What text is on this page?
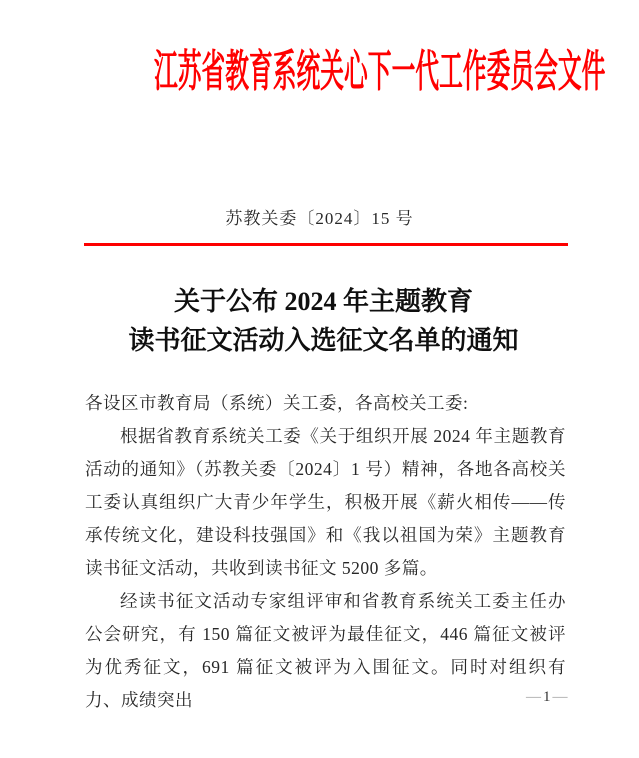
江苏省教育系统关心下一代工作委员会文件
苏教关委〔2024〕15 号
关于公布 2024 年主题教育
读书征文活动入选征文名单的通知

各设区市教育局（系统）关工委，各高校关工委:

根据省教育系统关工委《关于组织开展 2024 年主题教育活动的通知》（苏教关委〔2024〕1 号）精神，各地各高校关工委认真组织广大青少年学生，积极开展《薪火相传——传承传统文化，建设科技强国》和《我以祖国为荣》主题教育读书征文活动，共收到读书征文 5200 多篇。

经读书征文活动专家组评审和省教育系统关工委主任办公会研究，有 150 篇征文被评为最佳征文，446 篇征文被评为优秀征文，691 篇征文被评为入围征文。同时对组织有力、成绩突出	—1—
